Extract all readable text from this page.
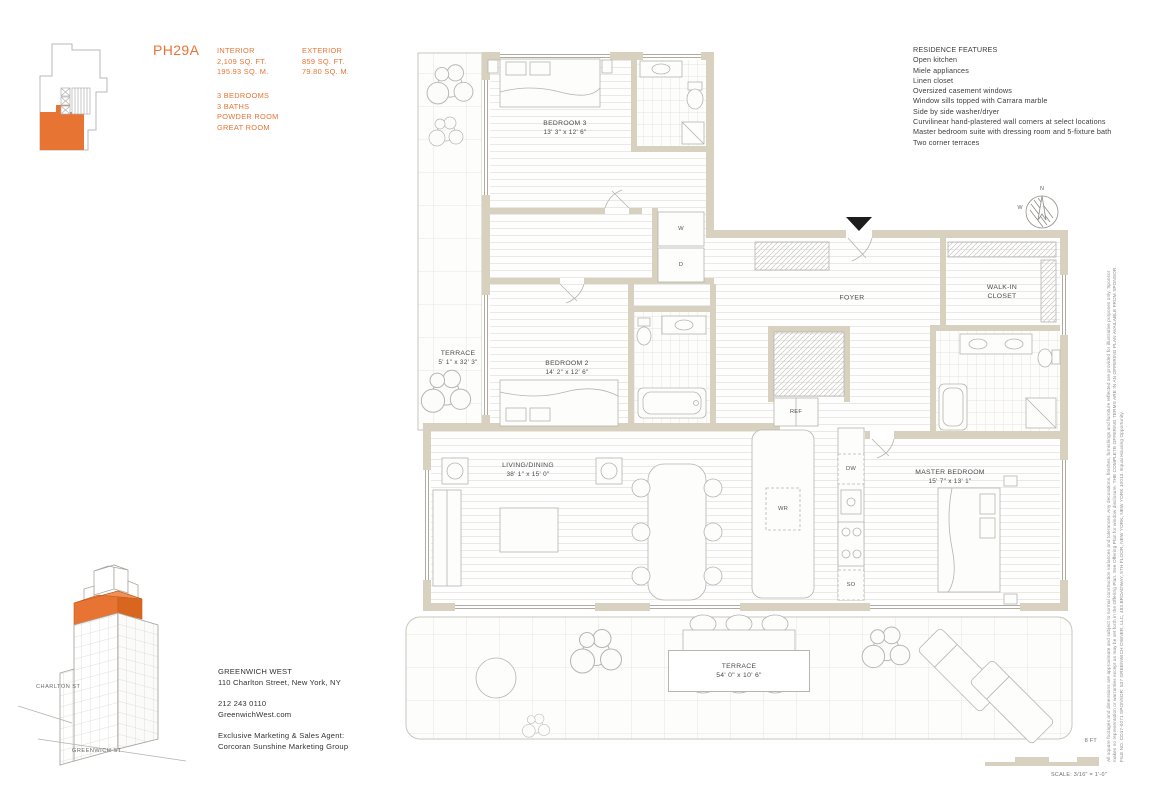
PH29A INTERIOR
2,109 SQ. FT.
195.93 SQ. M.
EXTERIOR
859 SQ. FT.
79.80 SQ. M.
3 BEDROOMS
3 BATHS
POWDER ROOM
GREAT ROOM
RESIDENCE FEATURES
Open kitchen
Miele appliances
Linen closet
Oversized casement windows
Window sills topped with Carrara marble
Side by side washer/dryer
Curvilinear hand-plastered wall corners at select locations
Master bedroom suite with dressing room and 5-fixture bath
Two corner terraces
BEDROOM 3
13' 3" x 12' 6"
TERRACE
5' 1" x 32' 3"	BEDROOM 2
14' 2" x 12' 6"
LIVING/DINING
38' 1" x 15' 0"	MASTER BEDROOM
15' 7" x 13' 1"
FOYER
WALK-IN CLOSET
TERRACE
54' 0" x 10' 6"
W
D
REF
DW
WR
SO
N
W
CHARLTON ST
GREENWICH ST
GREENWICH WEST
110 Charlton Street, New York, NY
212 243 0110
GreenwichWest.com
Exclusive Marketing & Sales Agent:
Corcoran Sunshine Marketing Group	All square footages and dimensions are approximate and subject to normal construction variances and tolerances. Any decorations, finishes, furnishings and furniture reflected are provided for illustrative purposes only. Sponsor makes no representation or warranties except as may be set forth in the Offering Plan. See Offering Plan for window disclosure. THE COMPLETE OFFERING TERMS ARE IN AN OFFERING PLAN AVAILABLE FROM SPONSOR. FILE NO. CD17-0071 SPONSOR: 537 GREENWICH OWNER, LLC, 483 BROADWAY, 5TH FLOOR, NEW YORK, NEW YORK 10013. Equal Housing Opportunity.
8 FT
SCALE: 3/16" = 1'-0"
